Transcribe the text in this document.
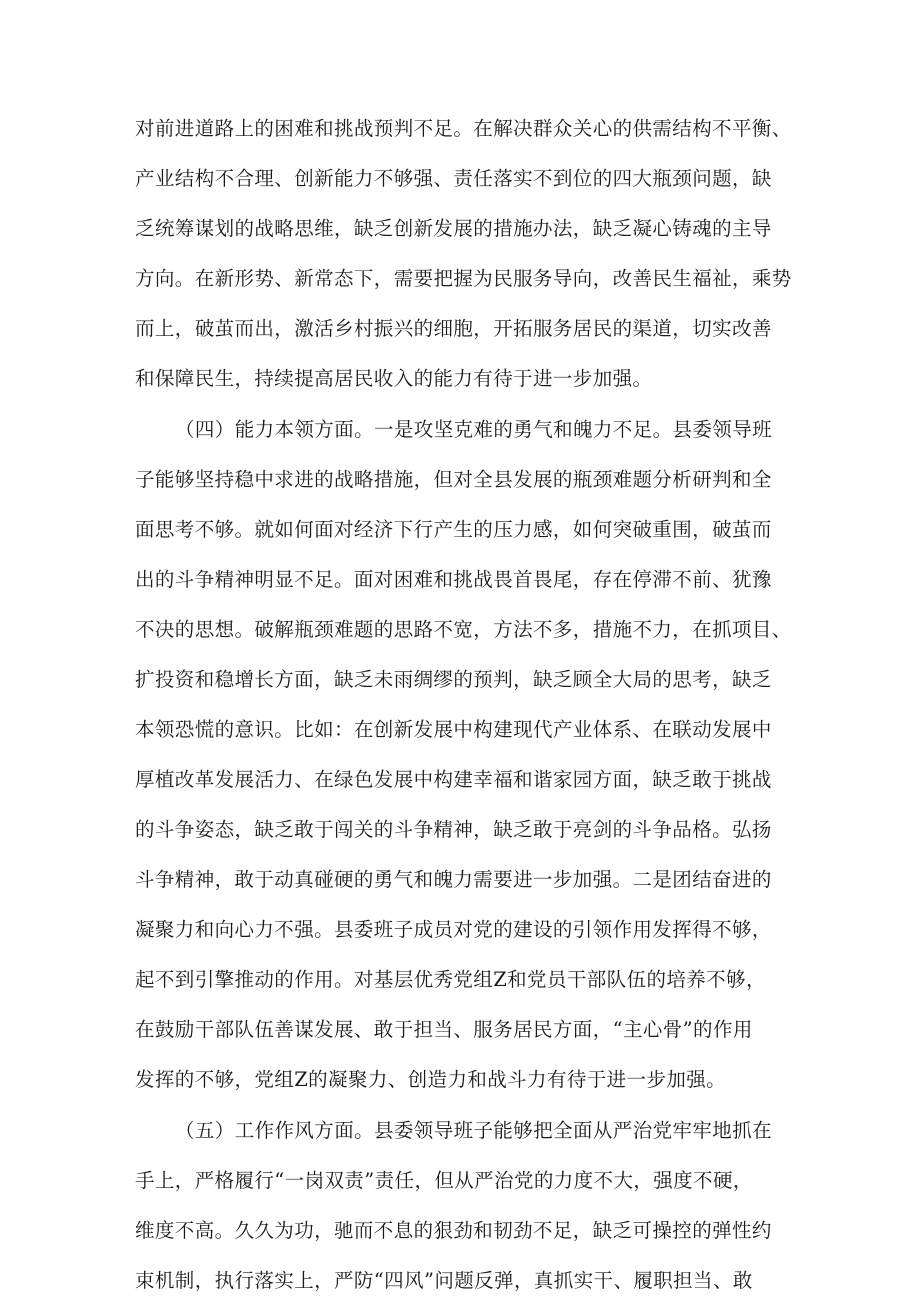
对前进道路上的困难和挑战预判不足。在解决群众关心的供需结构不平衡、
产业结构不合理、创新能力不够强、责任落实不到位的四大瓶颈问题，缺
乏统筹谋划的战略思维，缺乏创新发展的措施办法，缺乏凝心铸魂的主导
方向。在新形势、新常态下，需要把握为民服务导向，改善民生福祉，乘势
而上，破茧而出，激活乡村振兴的细胞，开拓服务居民的渠道，切实改善
和保障民生，持续提高居民收入的能力有待于进一步加强。
（四）能力本领方面。一是攻坚克难的勇气和魄力不足。县委领导班
子能够坚持稳中求进的战略措施，但对全县发展的瓶颈难题分析研判和全
面思考不够。就如何面对经济下行产生的压力感，如何突破重围，破茧而
出的斗争精神明显不足。面对困难和挑战畏首畏尾，存在停滞不前、犹豫
不决的思想。破解瓶颈难题的思路不宽，方法不多，措施不力，在抓项目、
扩投资和稳增长方面，缺乏未雨绸缪的预判，缺乏顾全大局的思考，缺乏
本领恐慌的意识。比如：在创新发展中构建现代产业体系、在联动发展中
厚植改革发展活力、在绿色发展中构建幸福和谐家园方面，缺乏敢于挑战
的斗争姿态，缺乏敢于闯关的斗争精神，缺乏敢于亮剑的斗争品格。弘扬
斗争精神，敢于动真碰硬的勇气和魄力需要进一步加强。二是团结奋进的
凝聚力和向心力不强。县委班子成员对党的建设的引领作用发挥得不够，
起不到引擎推动的作用。对基层优秀党组Z和党员干部队伍的培养不够，
在鼓励干部队伍善谋发展、敢于担当、服务居民方面，“主心骨”的作用
发挥的不够，党组Z的凝聚力、创造力和战斗力有待于进一步加强。
（五）工作作风方面。县委领导班子能够把全面从严治党牢牢地抓在
手上，严格履行“一岗双责”责任，但从严治党的力度不大，强度不硬，
维度不高。久久为功，驰而不息的狠劲和韧劲不足，缺乏可操控的弹性约
束机制，执行落实上，严防“四风”问题反弹，真抓实干、履职担当、敢
